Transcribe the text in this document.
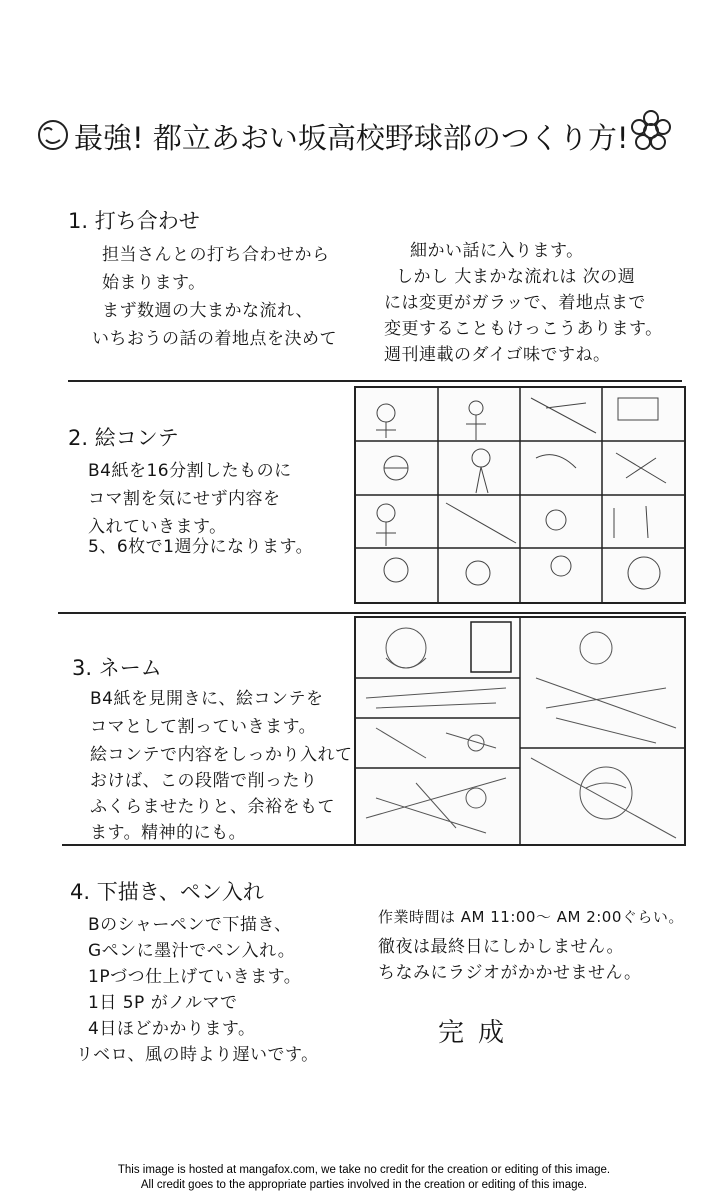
最強! 都立あおい坂高校野球部のつくり方!
1. 打ち合わせ
担当さんとの打ち合わせから
始まります。
まず数週の大まかな流れ、
いちおうの話の着地点を決めて
細かい話に入ります。
しかし 大まかな流れは 次の週
には変更がガラッで、着地点まで
変更することもけっこうあります。
週刊連載のダイゴ味ですね。
2. 絵コンテ
B4紙を16分割したものに
コマ割を気にせず内容を
入れていきます。
5、6枚で1週分になります。
3. ネーム
B4紙を見開きに、絵コンテを
コマとして割っていきます。
絵コンテで内容をしっかり入れて
おけば、この段階で削ったり
ふくらませたりと、余裕をもて
ます。精神的にも。
4. 下描き、ペン入れ
Bのシャーペンで下描き、
Gペンに墨汁でペン入れ。
1Pづつ仕上げていきます。
1日 5P がノルマで
4日ほどかかります。
リベロ、風の時より遅いです。
作業時間は AM 11:00〜 AM 2:00ぐらい。
徹夜は最終日にしかしません。
ちなみにラジオがかかせません。
完成
This image is hosted at mangafox.com, we take no credit for the creation or editing of this image.
All credit goes to the appropriate parties involved in the creation or editing of this image.
